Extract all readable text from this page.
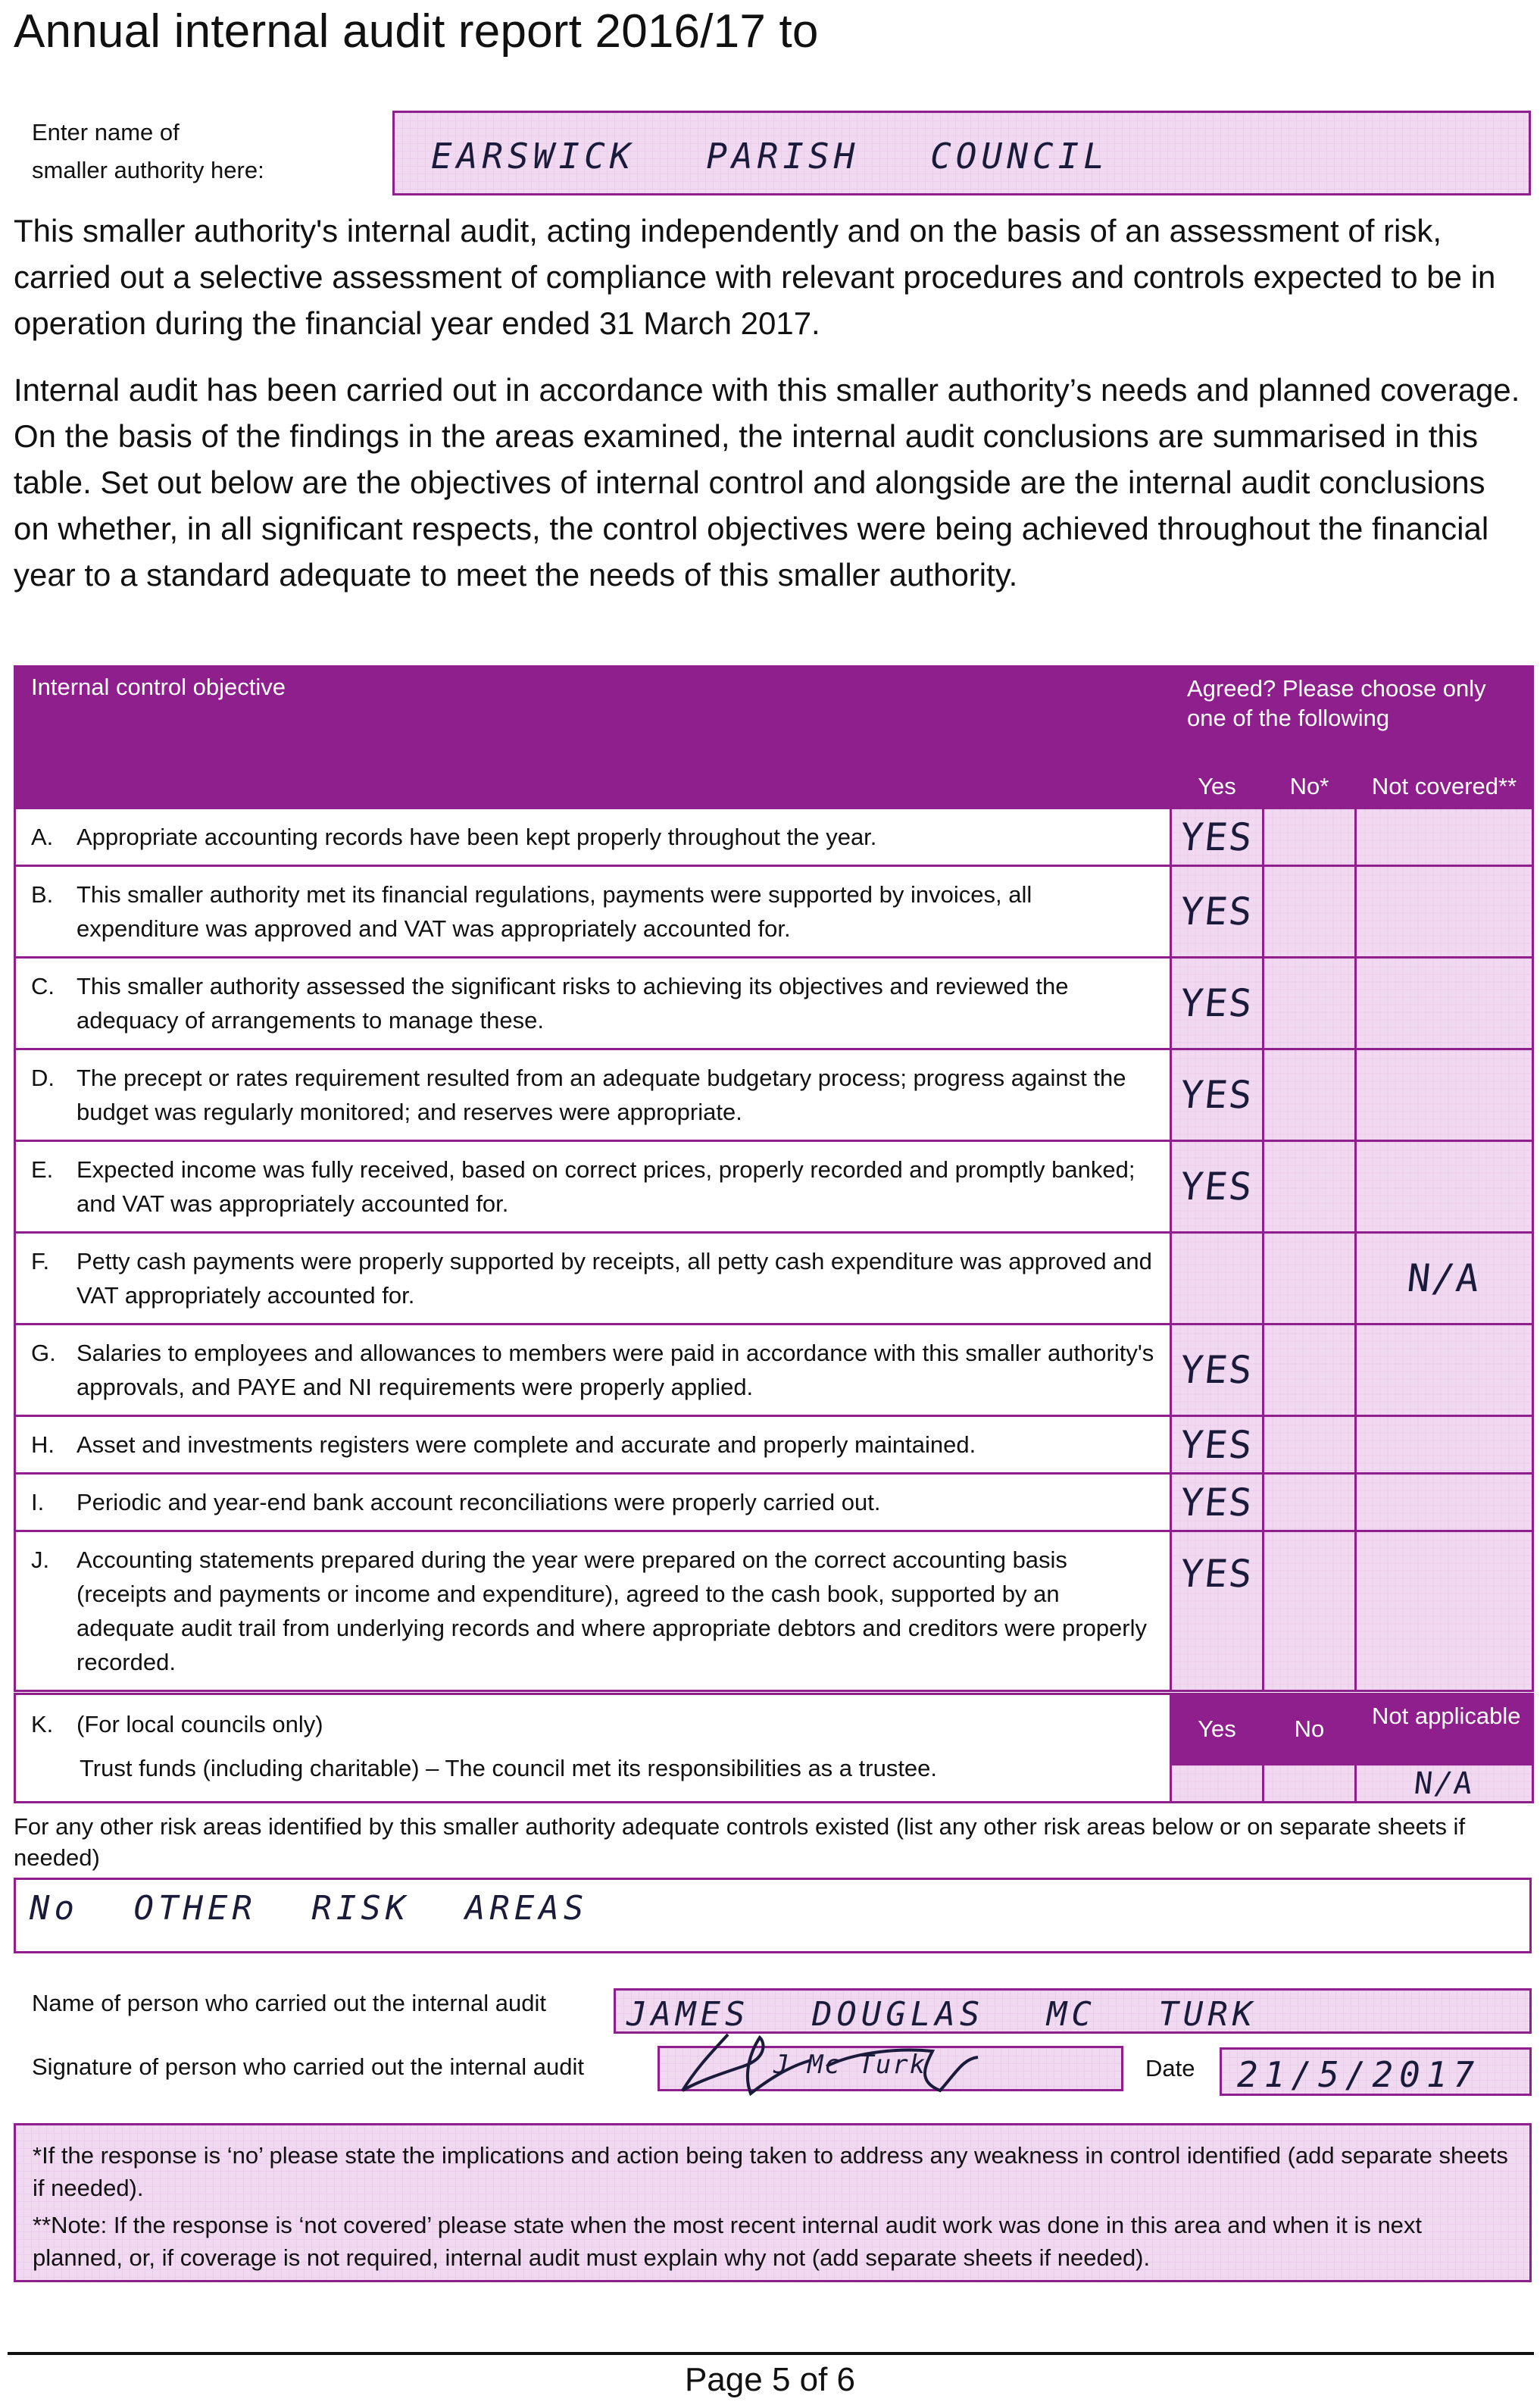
Annual internal audit report 2016/17 to
Enter name of
smaller authority here:	EARSWICK PARISH COUNCIL
This smaller authority's internal audit, acting independently and on the basis of an assessment of risk, carried out a selective assessment of compliance with relevant procedures and controls expected to be in operation during the financial year ended 31 March 2017.
Internal audit has been carried out in accordance with this smaller authority’s needs and planned coverage. On the basis of the findings in the areas examined, the internal audit conclusions are summarised in this table. Set out below are the objectives of internal control and alongside are the internal audit conclusions on whether, in all significant respects, the control objectives were being achieved throughout the financial year to a standard adequate to meet the needs of this smaller authority.
Internal control objective	Agreed? Please choose only one of the following		
	Yes	No*	Not covered**

A. Appropriate accounting records have been kept properly throughout the year.	YES		

B. This smaller authority met its financial regulations, payments were supported by invoices, all expenditure was approved and VAT was appropriately accounted for.	YES		

C. This smaller authority assessed the significant risks to achieving its objectives and reviewed the adequacy of arrangements to manage these.	YES		

D. The precept or rates requirement resulted from an adequate budgetary process; progress against the budget was regularly monitored; and reserves were appropriate.	YES		

E. Expected income was fully received, based on correct prices, properly recorded and promptly banked; and VAT was appropriately accounted for.	YES		

F. Petty cash payments were properly supported by receipts, all petty cash expenditure was approved and VAT appropriately accounted for.			N/A

G. Salaries to employees and allowances to members were paid in accordance with this smaller authority's approvals, and PAYE and NI requirements were properly applied.	YES		

H. Asset and investments registers were complete and accurate and properly maintained.	YES		

I. Periodic and year-end bank account reconciliations were properly carried out.	YES		

J. Accounting statements prepared during the year were prepared on the correct accounting basis (receipts and payments or income and expenditure), agreed to the cash book, supported by an adequate audit trail from underlying records and where appropriate debtors and creditors were properly recorded.	YES		
K. (For local councils only)
Trust funds (including charitable) – The council met its responsibilities as a trustee.	Yes	No	Not applicable
			N/A
For any other risk areas identified by this smaller authority adequate controls existed (list any other risk areas below or on separate sheets if needed)
No OTHER RISK AREAS
Name of person who carried out the internal audit JAMES DOUGLAS MC TURK
Signature of person who carried out the internal audit	J Mc Turk	Date 21/5/2017

*If the response is ‘no’ please state the implications and action being taken to address any weakness in control identified (add separate sheets if needed).

**Note: If the response is ‘not covered’ please state when the most recent internal audit work was done in this area and when it is next planned, or, if coverage is not required, internal audit must explain why not (add separate sheets if needed).

Page 5 of 6
